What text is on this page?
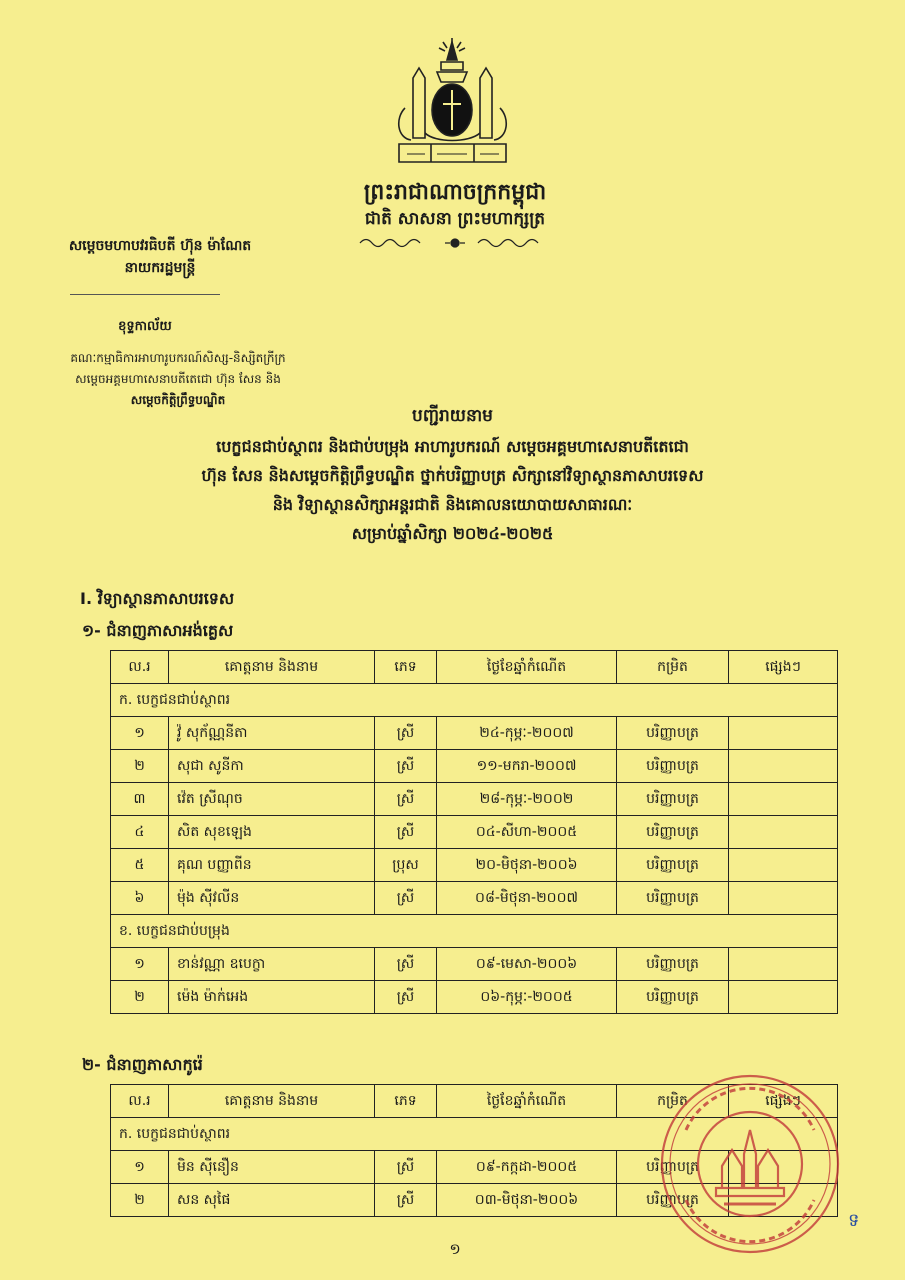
ព្រះរាជាណាចក្រកម្ពុជា
ជាតិ សាសនា ព្រះមហាក្សត្រ
សម្ដេចមហាបវរធិបតី ហ៊ុន ម៉ាណែត
នាយករដ្ឋមន្ត្រី
ខុទ្ទកាល័យ
គណៈកម្មាធិការអាហារូបករណ៍សិស្ស-និស្សិតក្រីក្រ
សម្ដេចអគ្គមហាសេនាបតីតេជោ ហ៊ុន សែន និង
សម្ដេចកិត្តិព្រឹទ្ធបណ្ឌិត
បញ្ជីរាយនាម
បេក្ខជនជាប់ស្ថាពរ និងជាប់បម្រុង អាហារូបករណ៍ សម្ដេចអគ្គមហាសេនាបតីតេជោ
ហ៊ុន សែន និងសម្ដេចកិត្តិព្រឹទ្ធបណ្ឌិត ថ្នាក់បរិញ្ញាបត្រ សិក្សានៅវិទ្យាស្ថានភាសាបរទេស
និង វិទ្យាស្ថានសិក្សាអន្តរជាតិ និងគោលនយោបាយសាធារណៈ
សម្រាប់ឆ្នាំសិក្សា ២០២៤-២០២៥
I. វិទ្យាស្ថានភាសាបរទេស
១- ជំនាញភាសាអង់គ្លេស
ល.រ	គោត្តនាម និងនាម	ភេទ	ថ្ងៃខែឆ្នាំកំណើត	កម្រិត	ផ្សេងៗ
ក. បេក្ខជនជាប់ស្ថាពរ					
១	វ៉ូ សុក័ណ្ណនីតា	ស្រី	២៤-កុម្ភៈ-២០០៧	បរិញ្ញាបត្រ	
២	សុជា សូនីកា	ស្រី	១១-មករា-២០០៧	បរិញ្ញាបត្រ	
៣	វ៉េត ស្រីណុច	ស្រី	២៨-កុម្ភៈ-២០០២	បរិញ្ញាបត្រ	
៤	សិត សុខឡេង	ស្រី	០៤-សីហា-២០០៥	បរិញ្ញាបត្រ	
៥	គុណ បញ្ញាពីន	ប្រុស	២០-មិថុនា-២០០៦	បរិញ្ញាបត្រ	
៦	ម៉ុង ស៊ីវលីន	ស្រី	០៨-មិថុនា-២០០៧	បរិញ្ញាបត្រ	
ខ. បេក្ខជនជាប់បម្រុង					
១	ខាន់វណ្ណា ឧបេក្ខា	ស្រី	០៩-មេសា-២០០៦	បរិញ្ញាបត្រ	
២	ម៉េង ម៉ាក់អេង	ស្រី	០៦-កុម្ភៈ-២០០៥	បរិញ្ញាបត្រ	
២- ជំនាញភាសាកូរ៉េ
ល.រ	គោត្តនាម និងនាម	ភេទ	ថ្ងៃខែឆ្នាំកំណើត	កម្រិត	ផ្សេងៗ
ក. បេក្ខជនជាប់ស្ថាពរ					
១	មិន ស៊ីនឿន	ស្រី	០៩-កក្កដា-២០០៥	បរិញ្ញាបត្រ	
២	សន សុផៃ	ស្រី	០៣-មិថុនា-២០០៦	បរិញ្ញាបត្រ	
ទ
១
